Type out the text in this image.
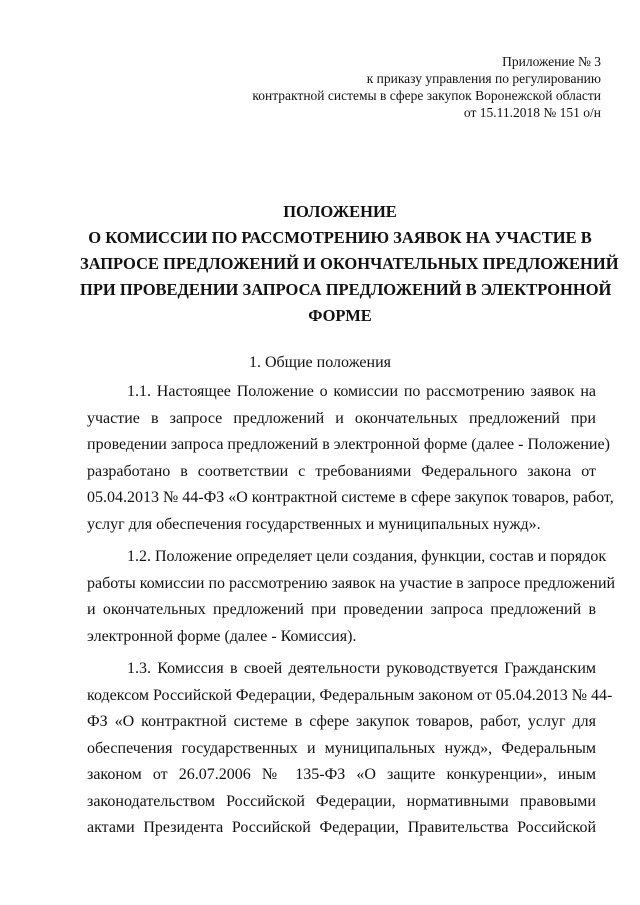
Приложение № 3
к приказу управления по регулированию
контрактной системы в сфере закупок Воронежской области
от 15.11.2018 № 151 о/н
ПОЛОЖЕНИЕ
О КОМИССИИ ПО РАССМОТРЕНИЮ ЗАЯВОК НА УЧАСТИЕ В
ЗАПРОСЕ ПРЕДЛОЖЕНИЙ И ОКОНЧАТЕЛЬНЫХ ПРЕДЛОЖЕНИЙ
ПРИ ПРОВЕДЕНИИ ЗАПРОСА ПРЕДЛОЖЕНИЙ В ЭЛЕКТРОННОЙ
ФОРМЕ
1. Общие положения
1.1. Настоящее Положение о комиссии по рассмотрению заявок на
участие в запросе предложений и окончательных предложений при
проведении запроса предложений в электронной форме (далее - Положение)
разработано в соответствии с требованиями Федерального закона от
05.04.2013 № 44-ФЗ «О контрактной системе в сфере закупок товаров, работ,
услуг для обеспечения государственных и муниципальных нужд».
1.2. Положение определяет цели создания, функции, состав и порядок
работы комиссии по рассмотрению заявок на участие в запросе предложений
и окончательных предложений при проведении запроса предложений в
электронной форме (далее - Комиссия).
1.3. Комиссия в своей деятельности руководствуется Гражданским
кодексом Российской Федерации, Федеральным законом от 05.04.2013 № 44-
ФЗ «О контрактной системе в сфере закупок товаров, работ, услуг для
обеспечения государственных и муниципальных нужд», Федеральным
законом от 26.07.2006 № 135-ФЗ «О защите конкуренции», иным
законодательством Российской Федерации, нормативными правовыми
актами Президента Российской Федерации, Правительства Российской
